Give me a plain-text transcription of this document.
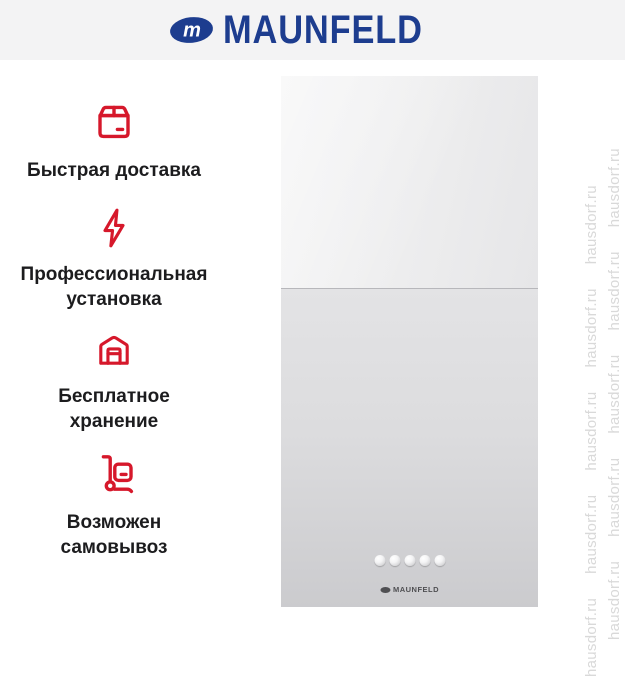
m MAUNFELD
Быстрая доставка
Профессиональная установка
Бесплатное хранение
Возможен самовывоз
MAUNFELD	hausdorf.ruhausdorf.ruhausdorf.ruhausdorf.ruhausdorf.ru
hausdorf.ruhausdorf.ruhausdorf.ruhausdorf.ruhausdorf.ru
